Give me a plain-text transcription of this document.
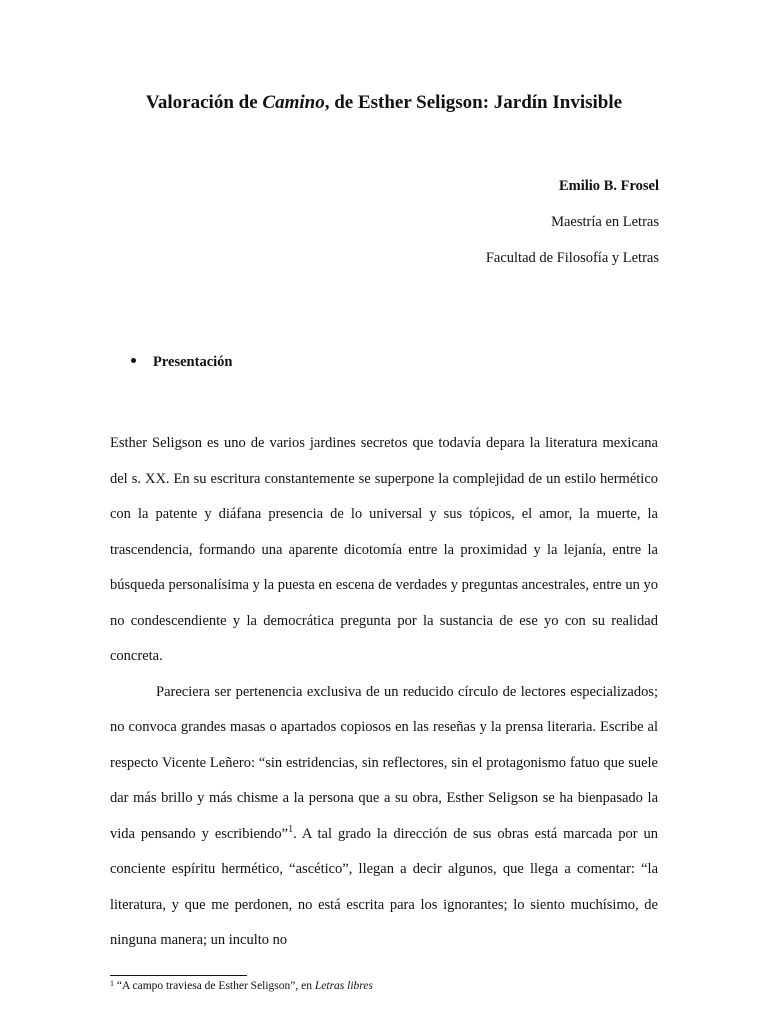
Valoración de Camino, de Esther Seligson: Jardín Invisible
Emilio B. Frosel
Maestría en Letras
Facultad de Filosofía y Letras
Presentación

Esther Seligson es uno de varios jardines secretos que todavía depara la literatura mexicana del s. XX. En su escritura constantemente se superpone la complejidad de un estilo hermético con la patente y diáfana presencia de lo universal y sus tópicos, el amor, la muerte, la trascendencia, formando una aparente dicotomía entre la proximidad y la lejanía, entre la búsqueda personalísima y la puesta en escena de verdades y preguntas ancestrales, entre un yo no condescendiente y la democrática pregunta por la sustancia de ese yo con su realidad concreta.

Pareciera ser pertenencia exclusiva de un reducido círculo de lectores especializados; no convoca grandes masas o apartados copiosos en las reseñas y la prensa literaria. Escribe al respecto Vicente Leñero: “sin estridencias, sin reflectores, sin el protagonismo fatuo que suele dar más brillo y más chisme a la persona que a su obra, Esther Seligson se ha bienpasado la vida pensando y escribiendo”$^1$. A tal grado la dirección de sus obras está marcada por un conciente espíritu hermético, “ascético”, llegan a decir algunos, que llega a comentar: “la literatura, y que me perdonen, no está escrita para los ignorantes; lo siento muchísimo, de ninguna manera; un inculto no

$^1$ “A campo traviesa de Esther Seligson”, en Letras libres
